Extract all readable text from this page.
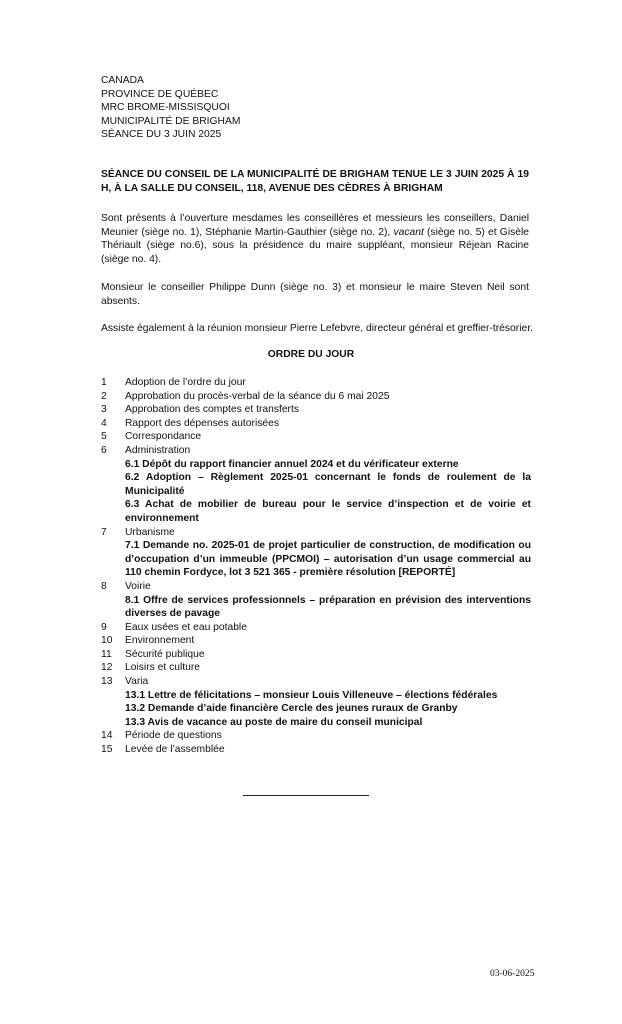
CANADA
PROVINCE DE QUÉBEC
MRC BROME-MISSISQUOI
MUNICIPALITÉ DE BRIGHAM
SÉANCE DU 3 JUIN 2025
SÉANCE DU CONSEIL DE LA MUNICIPALITÉ DE BRIGHAM TENUE LE 3 JUIN 2025 À 19 H, À LA SALLE DU CONSEIL, 118, AVENUE DES CÈDRES À BRIGHAM
Sont présents à l’ouverture mesdames les conseillères et messieurs les conseillers, Daniel Meunier (siège no. 1), Stéphanie Martin-Gauthier (siège no. 2), vacant (siège no. 5) et Gisèle Thériault (siège no.6), sous la présidence du maire suppléant, monsieur Réjean Racine (siège no. 4).
Monsieur le conseiller Philippe Dunn (siège no. 3) et monsieur le maire Steven Neil sont absents.
Assiste également à la réunion monsieur Pierre Lefebvre, directeur général et greffier-trésorier.
ORDRE DU JOUR
1	Adoption de l’ordre du jour
2	Approbation du procès-verbal de la séance du 6 mai 2025
3	Approbation des comptes et transferts
4	Rapport des dépenses autorisées
5	Correspondance
6	Administration
6.1 Dépôt du rapport financier annuel 2024 et du vérificateur externe
6.2 Adoption – Règlement 2025-01 concernant le fonds de roulement de la Municipalité
6.3 Achat de mobilier de bureau pour le service d’inspection et de voirie et environnement
7	Urbanisme
7.1 Demande no. 2025-01 de projet particulier de construction, de modification ou d’occupation d’un immeuble (PPCMOI) – autorisation d’un usage commercial au 110 chemin Fordyce, lot 3 521 365 - première résolution [REPORTÉ]
8	Voirie
8.1 Offre de services professionnels – préparation en prévision des interventions diverses de pavage
9	Eaux usées et eau potable
10	Environnement
11	Sécurité publique
12	Loisirs et culture
13	Varia
13.1 Lettre de félicitations – monsieur Louis Villeneuve – élections fédérales
13.2 Demande d’aide financière Cercle des jeunes ruraux de Granby
13.3 Avis de vacance au poste de maire du conseil municipal
14	Période de questions
15	Levée de l’assemblée
03-06-2025
